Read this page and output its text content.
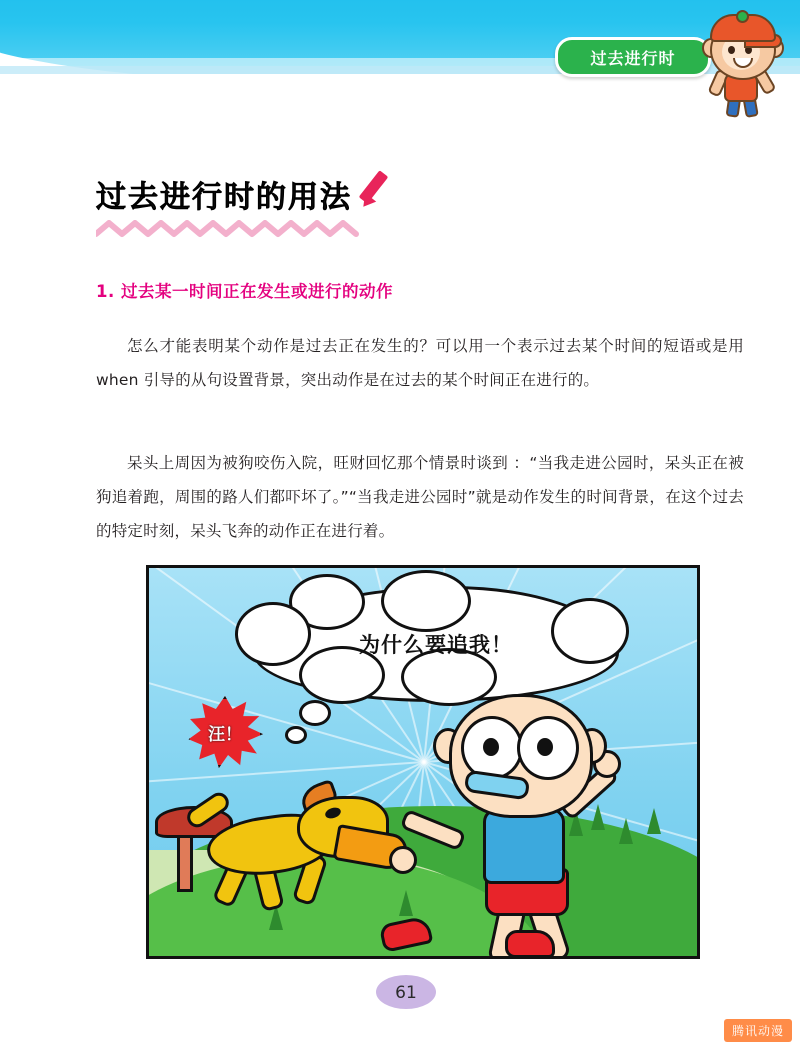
过去进行时
过去进行时的用法
1. 过去某一时间正在发生或进行的动作

怎么才能表明某个动作是过去正在发生的？可以用一个表示过去某个时间的短语或是用 when 引导的从句设置背景，突出动作是在过去的某个时间正在进行的。

呆头上周因为被狗咬伤入院，旺财回忆那个情景时谈到 ：“当我走进公园时，呆头正在被狗追着跑，周围的路人们都吓坏了。”“当我走进公园时”就是动作发生的时间背景，在这个过去的特定时刻，呆头飞奔的动作正在进行着。

为什么要追我！
汪！
61
腾讯动漫
